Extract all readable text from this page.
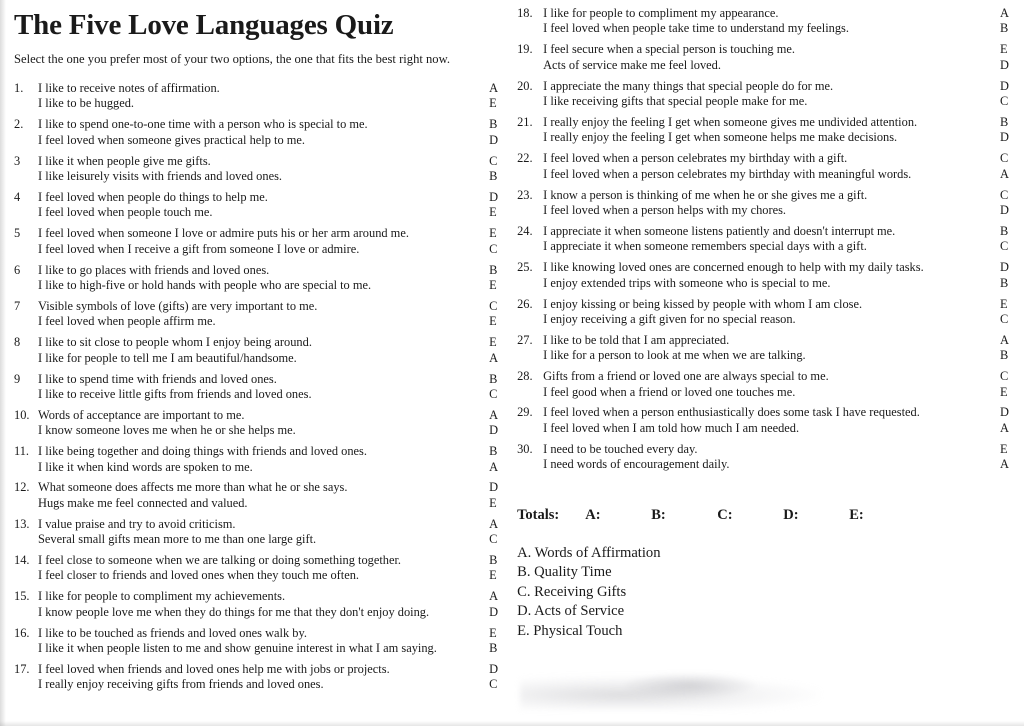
The Five Love Languages Quiz
Select the one you prefer most of your two options, the one that fits the best right now.
1.	I like to receive notes of affirmation.	A
I like to be hugged.	E
2.	I like to spend one-to-one time with a person who is special to me.	B
I feel loved when someone gives practical help to me.	D
3	I like it when people give me gifts.	C
I like leisurely visits with friends and loved ones.	B
4	I feel loved when people do things to help me.	D
I feel loved when people touch me.	E
5	I feel loved when someone I love or admire puts his or her arm around me.	E
I feel loved when I receive a gift from someone I love or admire.	C
6	I like to go places with friends and loved ones.	B
I like to high-five or hold hands with people who are special to me.	E
7	Visible symbols of love (gifts) are very important to me.	C
I feel loved when people affirm me.	E
8	I like to sit close to people whom I enjoy being around.	E
I like for people to tell me I am beautiful/handsome.	A
9	I like to spend time with friends and loved ones.	B
I like to receive little gifts from friends and loved ones.	C
10. Words of acceptance are important to me.	A
I know someone loves me when he or she helps me.	D
11. I like being together and doing things with friends and loved ones.	B
I like it when kind words are spoken to me.	A
12. What someone does affects me more than what he or she says.	D
Hugs make me feel connected and valued.	E
13. I value praise and try to avoid criticism.	A
Several small gifts mean more to me than one large gift.	C
14. I feel close to someone when we are talking or doing something together.	B
I feel closer to friends and loved ones when they touch me often.	E
15. I like for people to compliment my achievements.	A
I know people love me when they do things for me that they don't enjoy doing.	D
16. I like to be touched as friends and loved ones walk by.	E
I like it when people listen to me and show genuine interest in what I am saying.	B
17. I feel loved when friends and loved ones help me with jobs or projects.	D
I really enjoy receiving gifts from friends and loved ones.	C
18. I like for people to compliment my appearance.	A
I feel loved when people take time to understand my feelings.	B
19. I feel secure when a special person is touching me.	E
Acts of service make me feel loved.	D
20. I appreciate the many things that special people do for me.	D
I like receiving gifts that special people make for me.	C
21. I really enjoy the feeling I get when someone gives me undivided attention.	B
I really enjoy the feeling I get when someone helps me make decisions.	D
22. I feel loved when a person celebrates my birthday with a gift.	C
I feel loved when a person celebrates my birthday with meaningful words.	A
23. I know a person is thinking of me when he or she gives me a gift.	C
I feel loved when a person helps with my chores.	D
24. I appreciate it when someone listens patiently and doesn't interrupt me.	B
I appreciate it when someone remembers special days with a gift.	C
25. I like knowing loved ones are concerned enough to help with my daily tasks.	D
I enjoy extended trips with someone who is special to me.	B
26. I enjoy kissing or being kissed by people with whom I am close.	E
I enjoy receiving a gift given for no special reason.	C
27. I like to be told that I am appreciated.	A
I like for a person to look at me when we are talking.	B
28. Gifts from a friend or loved one are always special to me.	C
I feel good when a friend or loved one touches me.	E
29. I feel loved when a person enthusiastically does some task I have requested.	D
I feel loved when I am told how much I am needed.	A
30. I need to be touched every day.	E
I need words of encouragement daily.	A
Totals: A:	B:	C:	D:	E:
A. Words of Affirmation
B. Quality Time
C. Receiving Gifts
D. Acts of Service
E. Physical Touch
